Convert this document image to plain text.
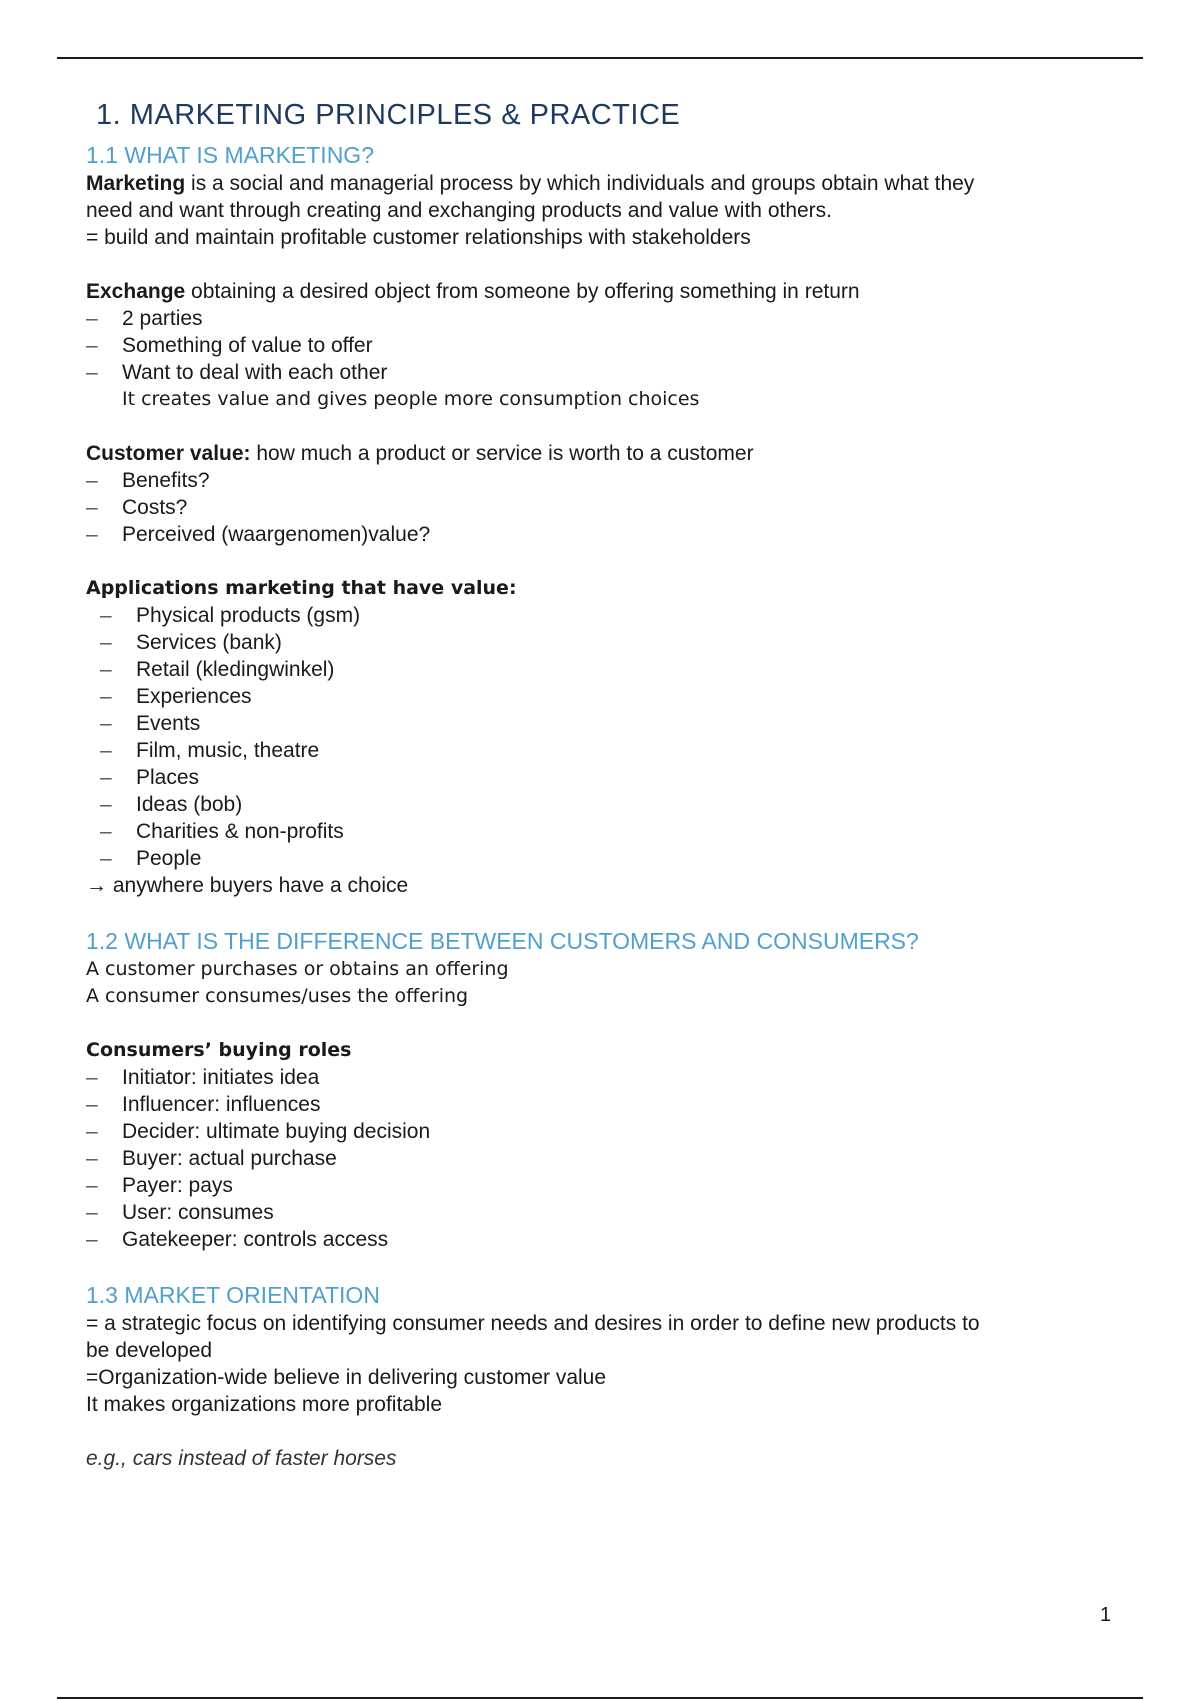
1. MARKETING PRINCIPLES & PRACTICE
1.1 WHAT IS MARKETING?

Marketing is a social and managerial process by which individuals and groups obtain what they

need and want through creating and exchanging products and value with others.

= build and maintain profitable customer relationships with stakeholders

Exchange obtaining a desired object from someone by offering something in return

– 2 parties
– Something of value to offer
– Want to deal with each other

It creates value and gives people more consumption choices

Customer value: how much a product or service is worth to a customer

– Benefits?
– Costs?
– Perceived (waargenomen)value?

Applications marketing that have value:

– Physical products (gsm)
– Services (bank)
– Retail (kledingwinkel)
– Experiences
– Events
– Film, music, theatre
– Places
– Ideas (bob)
– Charities & non-profits
– People

→ anywhere buyers have a choice

1.2 WHAT IS THE DIFFERENCE BETWEEN CUSTOMERS AND CONSUMERS?

A customer purchases or obtains an offering

A consumer consumes/uses the offering

Consumers’ buying roles

– Initiator: initiates idea
– Influencer: influences
– Decider: ultimate buying decision
– Buyer: actual purchase
– Payer: pays
– User: consumes
– Gatekeeper: controls access
1.3 MARKET ORIENTATION

= a strategic focus on identifying consumer needs and desires in order to define new products to

be developed

=Organization-wide believe in delivering customer value

It makes organizations more profitable

e.g., cars instead of faster horses

1
